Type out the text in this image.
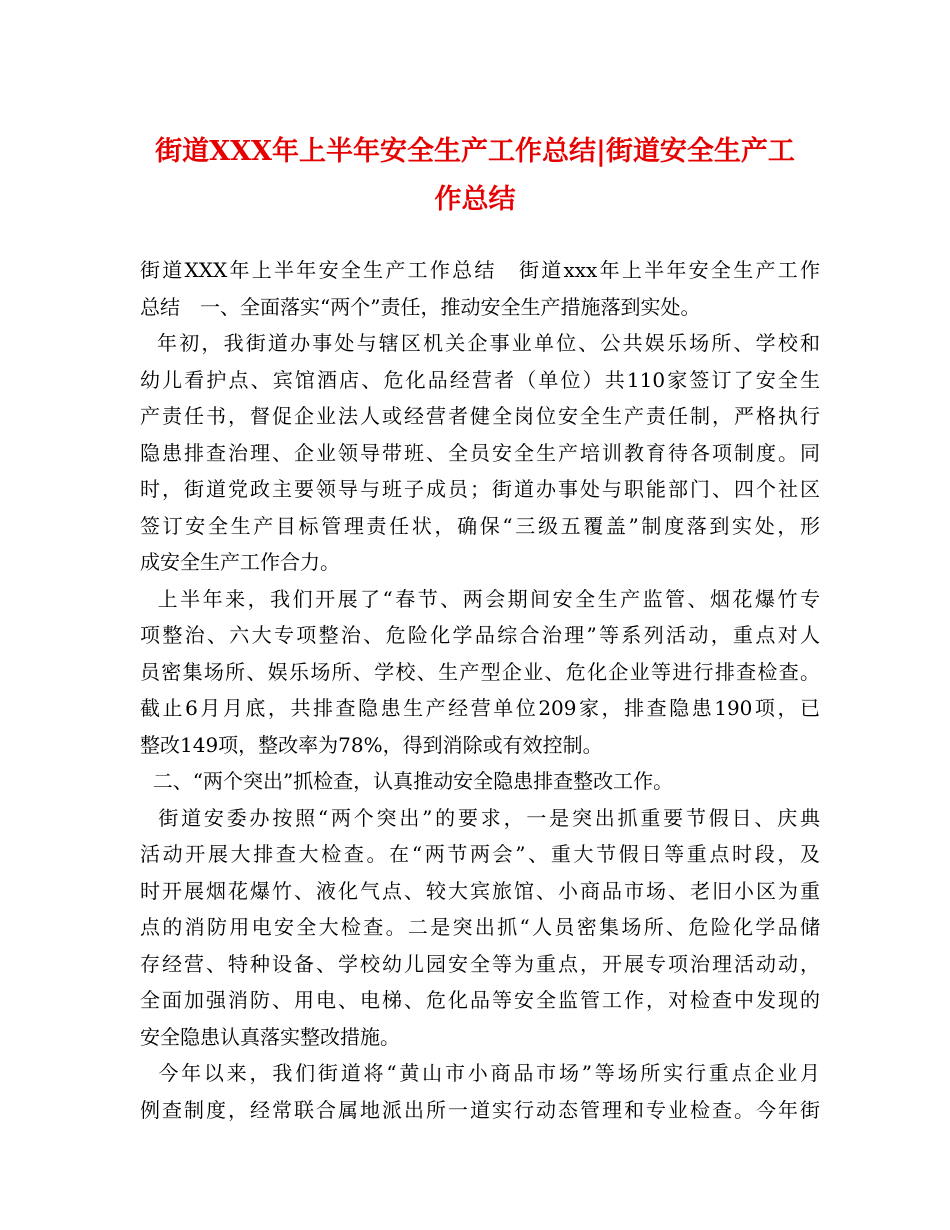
街道XXX年上半年安全生产工作总结|街道安全生产工
作总结
街道XXX年上半年安全生产工作总结　街道xxx年上半年安全生产工作
总结　一、全面落实“两个”责任，推动安全生产措施落到实处。
年初，我街道办事处与辖区机关企事业单位、公共娱乐场所、学校和
幼儿看护点、宾馆酒店、危化品经营者（单位）共110家签订了安全生
产责任书，督促企业法人或经营者健全岗位安全生产责任制，严格执行
隐患排查治理、企业领导带班、全员安全生产培训教育待各项制度。同
时，街道党政主要领导与班子成员；街道办事处与职能部门、四个社区
签订安全生产目标管理责任状，确保“三级五覆盖”制度落到实处，形
成安全生产工作合力。
上半年来，我们开展了“春节、两会期间安全生产监管、烟花爆竹专
项整治、六大专项整治、危险化学品综合治理”等系列活动，重点对人
员密集场所、娱乐场所、学校、生产型企业、危化企业等进行排查检查。
截止6月月底，共排查隐患生产经营单位209家，排查隐患190项，已
整改149项，整改率为78%，得到消除或有效控制。
二、“两个突出”抓检查，认真推动安全隐患排查整改工作。
街道安委办按照“两个突出”的要求，一是突出抓重要节假日、庆典
活动开展大排查大检查。在“两节两会”、重大节假日等重点时段，及
时开展烟花爆竹、液化气点、较大宾旅馆、小商品市场、老旧小区为重
点的消防用电安全大检查。二是突出抓“人员密集场所、危险化学品储
存经营、特种设备、学校幼儿园安全等为重点，开展专项治理活动动，
全面加强消防、用电、电梯、危化品等安全监管工作，对检查中发现的
安全隐患认真落实整改措施。
今年以来，我们街道将“黄山市小商品市场”等场所实行重点企业月
例查制度，经常联合属地派出所一道实行动态管理和专业检查。今年街
